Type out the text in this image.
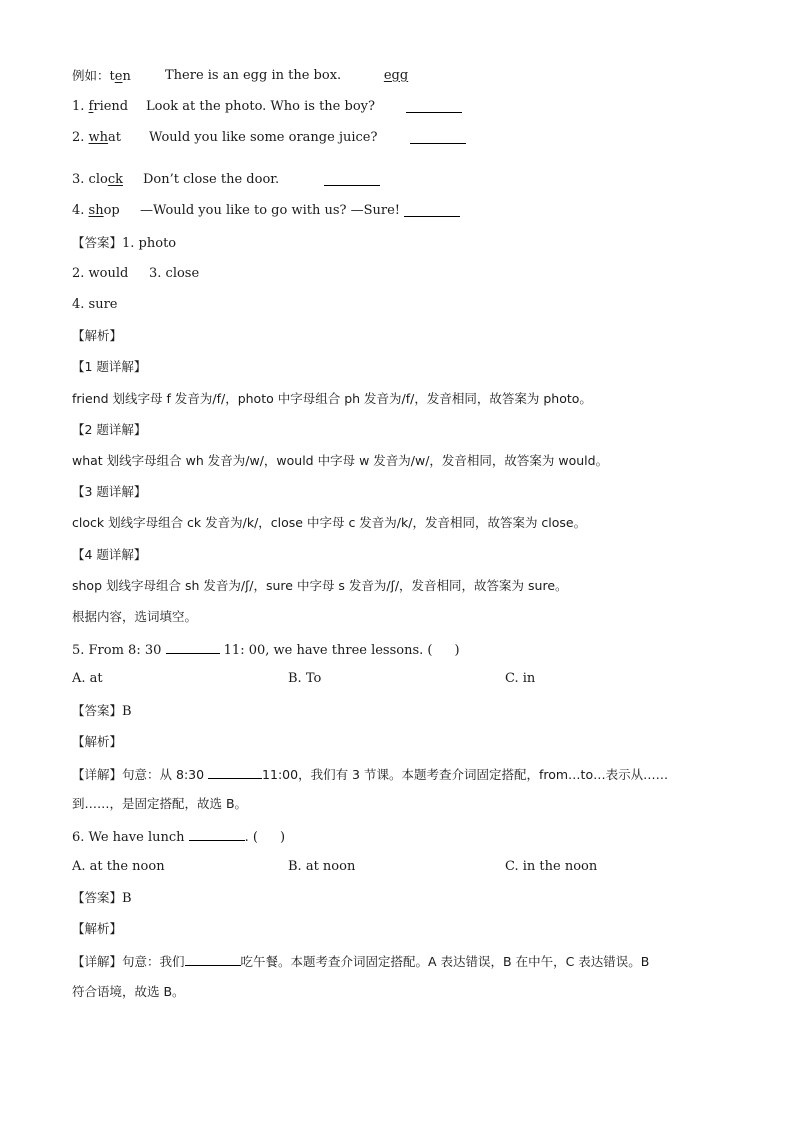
例如：ten	There is an egg in the box.	egg
1. friend Look at the photo. Who is the boy?
2. what Would you like some orange juice?
3. clock Don’t close the door.
4. shop —Would you like to go with us? —Sure!
【答案】1. photo
2. would 3. close
4. sure
【解析】
【1 题详解】
friend 划线字母 f 发音为/f/，photo 中字母组合 ph 发音为/f/，发音相同，故答案为 photo。
【2 题详解】
what 划线字母组合 wh 发音为/w/，would 中字母 w 发音为/w/，发音相同，故答案为 would。
【3 题详解】
clock 划线字母组合 ck 发音为/k/，close 中字母 c 发音为/k/，发音相同，故答案为 close。
【4 题详解】
shop 划线字母组合 sh 发音为/ʃ/，sure 中字母 s 发音为/ʃ/，发音相同，故答案为 sure。
根据内容，选词填空。
5. From 8: 30	11: 00, we have three lessons. ( )
A. at	B. To	C. in
【答案】B
【解析】
【详解】句意：从 8:30	11:00，我们有 3 节课。本题考查介词固定搭配，from…to…表示从……
到……，是固定搭配，故选 B。
6. We have lunch	. ( )
A. at the noon	B. at noon	C. in the noon
【答案】B
【解析】
【详解】句意：我们	吃午餐。本题考查介词固定搭配。A 表达错误，B 在中午，C 表达错误。B
符合语境，故选 B。
